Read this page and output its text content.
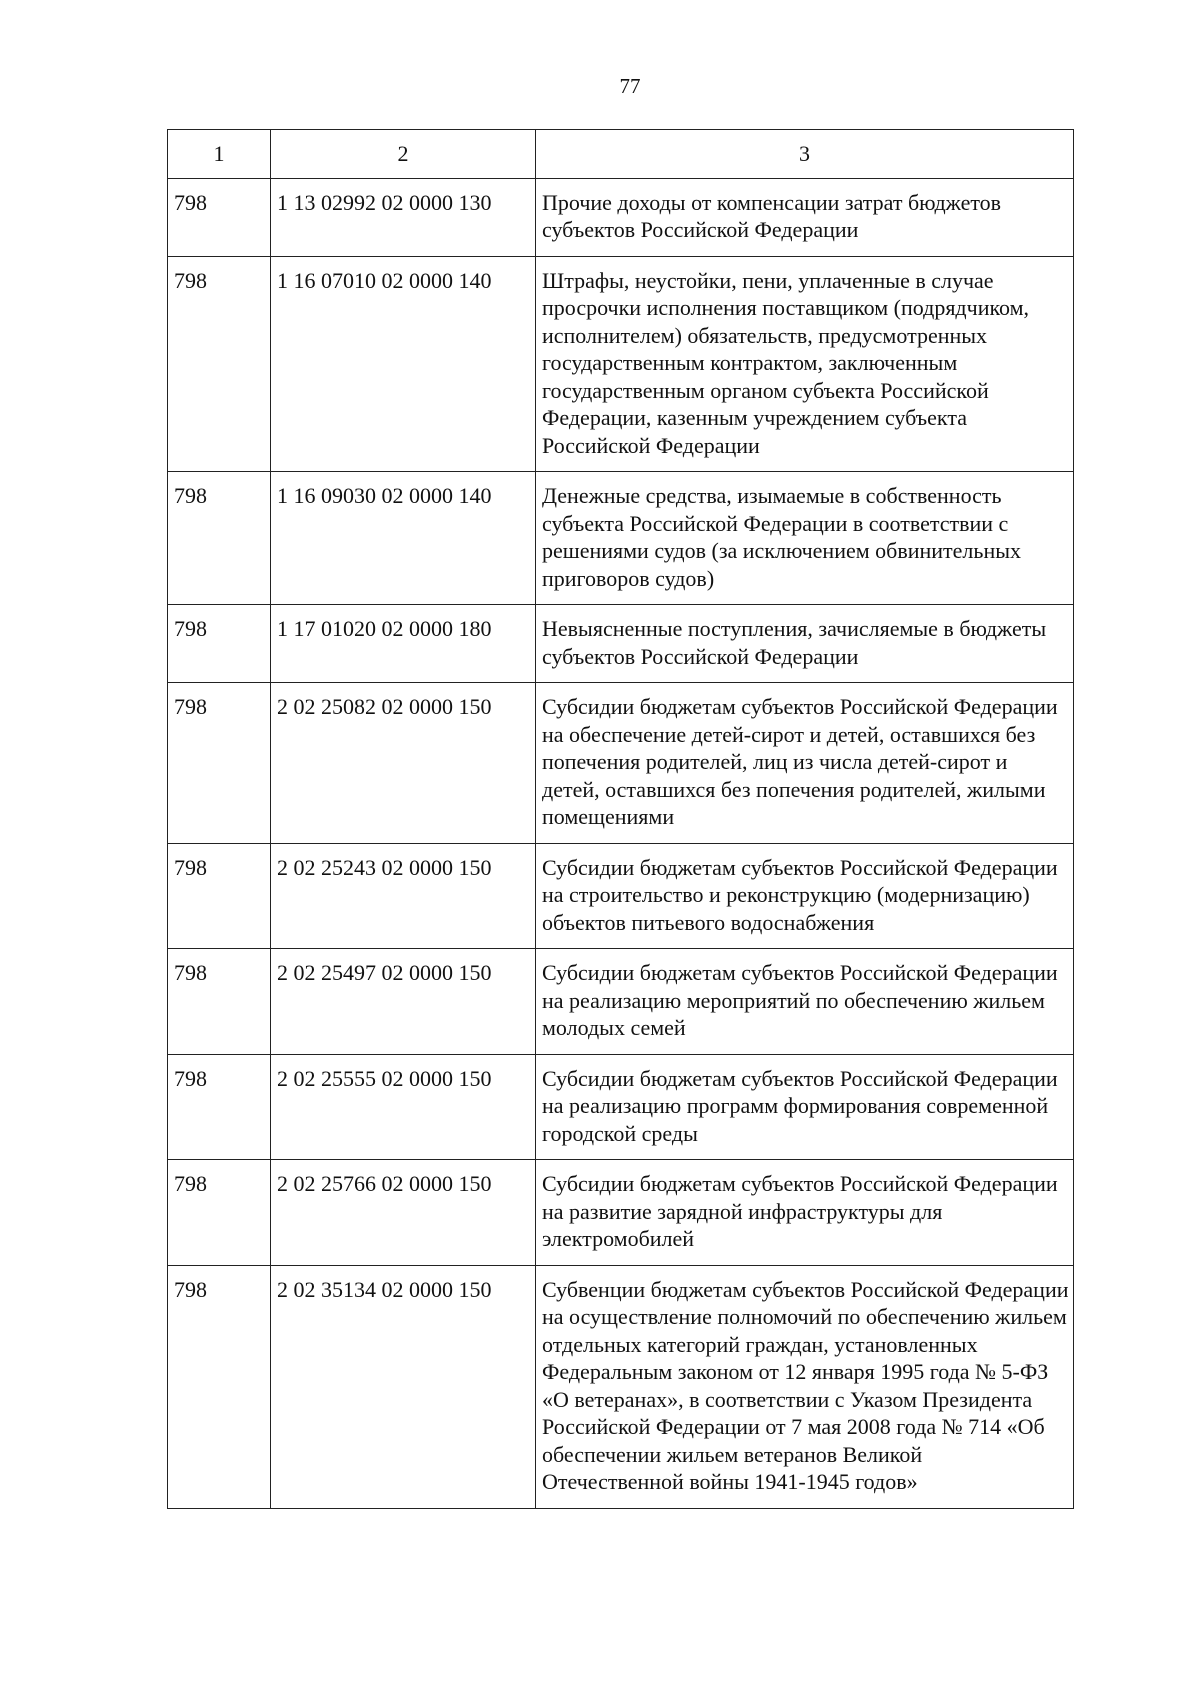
77
1	2	3
798	1 13 02992 02 0000 130	Прочие доходы от компенсации затрат бюджетов субъектов Российской Федерации
798	1 16 07010 02 0000 140	Штрафы, неустойки, пени, уплаченные в случае просрочки исполнения поставщиком (подрядчиком, исполнителем) обязательств, предусмотренных государственным контрактом, заключенным государственным органом субъекта Российской Федерации, казенным учреждением субъекта Российской Федерации
798	1 16 09030 02 0000 140	Денежные средства, изымаемые в собственность субъекта Российской Федерации в соответствии с решениями судов (за исключением обвинительных приговоров судов)
798	1 17 01020 02 0000 180	Невыясненные поступления, зачисляемые в бюджеты субъектов Российской Федерации
798	2 02 25082 02 0000 150	Субсидии бюджетам субъектов Российской Федерации на обеспечение детей-сирот и детей, оставшихся без попечения родителей, лиц из числа детей-сирот и детей, оставшихся без попечения родителей, жилыми помещениями
798	2 02 25243 02 0000 150	Субсидии бюджетам субъектов Российской Федерации на строительство и реконструкцию (модернизацию) объектов питьевого водоснабжения
798	2 02 25497 02 0000 150	Субсидии бюджетам субъектов Российской Федерации на реализацию мероприятий по обеспечению жильем молодых семей
798	2 02 25555 02 0000 150	Субсидии бюджетам субъектов Российской Федерации на реализацию программ формирования современной городской среды
798	2 02 25766 02 0000 150	Субсидии бюджетам субъектов Российской Федерации на развитие зарядной инфраструктуры для электромобилей
798	2 02 35134 02 0000 150	Субвенции бюджетам субъектов Российской Федерации на осуществление полномочий по обеспечению жильем отдельных категорий граждан, установленных Федеральным законом от 12 января 1995 года № 5-ФЗ «О ветеранах», в соответствии с Указом Президента Российской Федерации от 7 мая 2008 года № 714 «Об обеспечении жильем ветеранов Великой Отечественной войны 1941-1945 годов»
